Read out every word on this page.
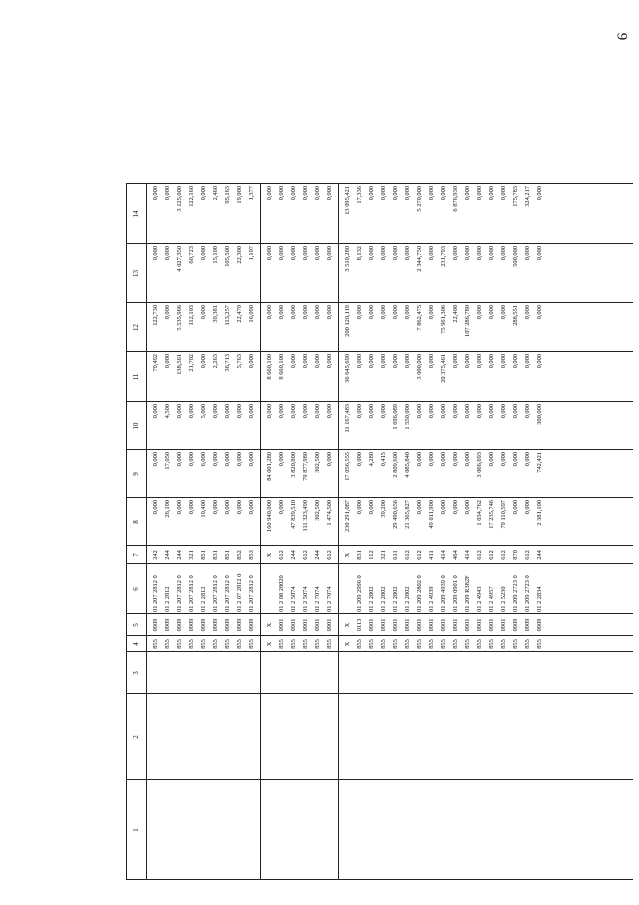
9
1
2
3
4
5
6
7
8
9
10
11
12
13
14
855
0909
01 207 2812 0
242
0,000
0,000
0,000
79,492
122,730
0,000
0,000
855
0909
01 2 2812
244
26,100
17,050
4,500
0,000
0,000
0,000
0,000
855
0909
01 207 2812 0
244
0,000
0,000
0,000
138,561
5 535,966
4 027,350
3 125,000
855
0909
01 207 2812 0
321
0,000
0,000
0,000
21,702
112,103
60,723
122,160
855
0909
01 2 2812
851
10,400
6,000
5,000
0,000
0,000
0,000
0,000
855
0909
01 207 2812 0
831
0,000
0,000
0,000
2,263
39,381
15,100
2,460
855
0909
01 207 2812 0
851
0,000
0,000
0,000
36,713
113,257
105,500
95,163
855
0909
01 2 07 2812 0
852
0,000
0,000
0,000
5,763
22,470
22,300
19,000
855
0909
01 207 2812 0
853
0,000
0,000
0,000
0,000
16,090
1,107
1,377
X
X
X
160 940,000
84 001,280
0,000
8 660,100
0,000
0,000
0,000
855
0901
01 2 08 28020
612
0,000
0,000
0,000
8 660,100
0,000
0,000
0,000
855
0901
01 2 5074
244
47 839,510
3 820,800
0,000
0,000
0,000
0,000
0,000
855
0901
01 2 5074
612
111 323,490
79 877,980
0,000
0,000
0,000
0,000
0,000
855
0901
01 2 7074
244
302,500
302,500
0,000
0,000
0,000
0,000
0,000
855
0901
01 2 7074
612
1 474,500
0,000
0,000
0,000
0,000
0,000
0,000
X
X
X
230 291,087
17 056,555
11 167,483
36 645,690
200 120,119
3 510,280
13 095,421
855
0113
01 209 2996 0
831
0,000
0,000
0,000
0,000
0,000
8,132
17,336
855
0901
01 2 2802
112
0,000
4,280
0,000
0,000
0,000
0,000
0,000
855
0901
01 2 2802
321
39,200
0,415
0,000
0,000
0,000
0,000
0,000
855
0901
01 2 2802
611
29 490,656
2 809,600
1 696,089
0,000
0,000
0,000
0,000
855
0901
01 2 2802
612
21 365,827
4 085,840
1 550,000
0,000
0,000
0,000
0,000
855
0901
01 209 2802 0
612
0,000
0,000
0,000
3 000,000
7 862,475
2 344,750
5 270,000
855
0901
01 2 4939
411
49 011,900
0,000
0,000
0,000
0,000
0,000
0,000
855
0901
01 209 4939 0
414
0,000
0,000
0,000
20 375,461
75 961,306
231,793
0,000
855
0901
01 209 0901 0
464
0,000
0,000
0,000
0,000
22,400
0,000
6 876,930
855
0901
01 209 R382F
414
0,000
0,000
0,000
0,000
107 286,780
0,000
0,000
855
0901
01 2 4943
612
1 034,762
3 066,693
0,000
0,000
0,000
0,000
0,000
855
0901
01 2 4957
612
17 235,746
0,000
0,000
0,000
0,000
0,000
0,000
855
0901
01 2 5230
612
79 110,597
0,000
0,000
0,000
0,000
0,000
0,000
855
0909
01 209 2723 0
870
0,000
0,000
0,000
0,000
288,551
500,000
175,783
855
0909
01 209 2723 0
612
0,000
0,000
0,000
0,000
0,000
0,000
324,217
855
0909
01 2 2834
244
2 381,100
742,421
300,000
0,000
0,000
0,000
0,000
